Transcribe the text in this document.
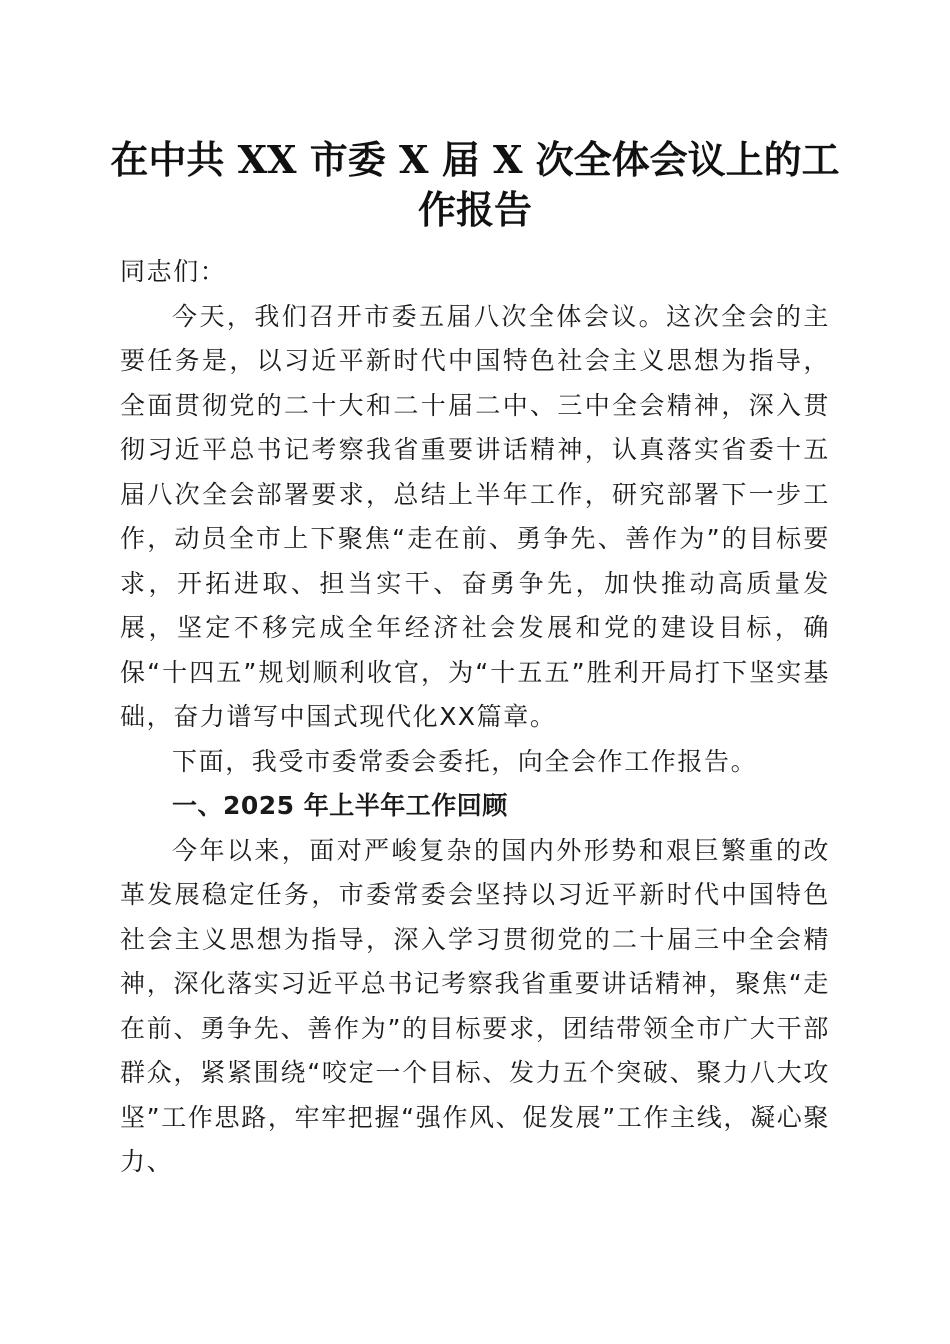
在中共 XX 市委 X 届 X 次全体会议上的工作报告

同志们：

今天，我们召开市委五届八次全体会议。这次全会的主要任务是，以习近平新时代中国特色社会主义思想为指导，全面贯彻党的二十大和二十届二中、三中全会精神，深入贯彻习近平总书记考察我省重要讲话精神，认真落实省委十五届八次全会部署要求，总结上半年工作，研究部署下一步工作，动员全市上下聚焦“走在前、勇争先、善作为”的目标要求，开拓进取、担当实干、奋勇争先，加快推动高质量发展，坚定不移完成全年经济社会发展和党的建设目标，确保“十四五”规划顺利收官，为“十五五”胜利开局打下坚实基础，奋力谱写中国式现代化XX篇章。

下面，我受市委常委会委托，向全会作工作报告。

一、2025 年上半年工作回顾

今年以来，面对严峻复杂的国内外形势和艰巨繁重的改革发展稳定任务，市委常委会坚持以习近平新时代中国特色社会主义思想为指导，深入学习贯彻党的二十届三中全会精神，深化落实习近平总书记考察我省重要讲话精神，聚焦“走在前、勇争先、善作为”的目标要求，团结带领全市广大干部群众，紧紧围绕“咬定一个目标、发力五个突破、聚力八大攻坚”工作思路，牢牢把握“强作风、促发展”工作主线，凝心聚力、
